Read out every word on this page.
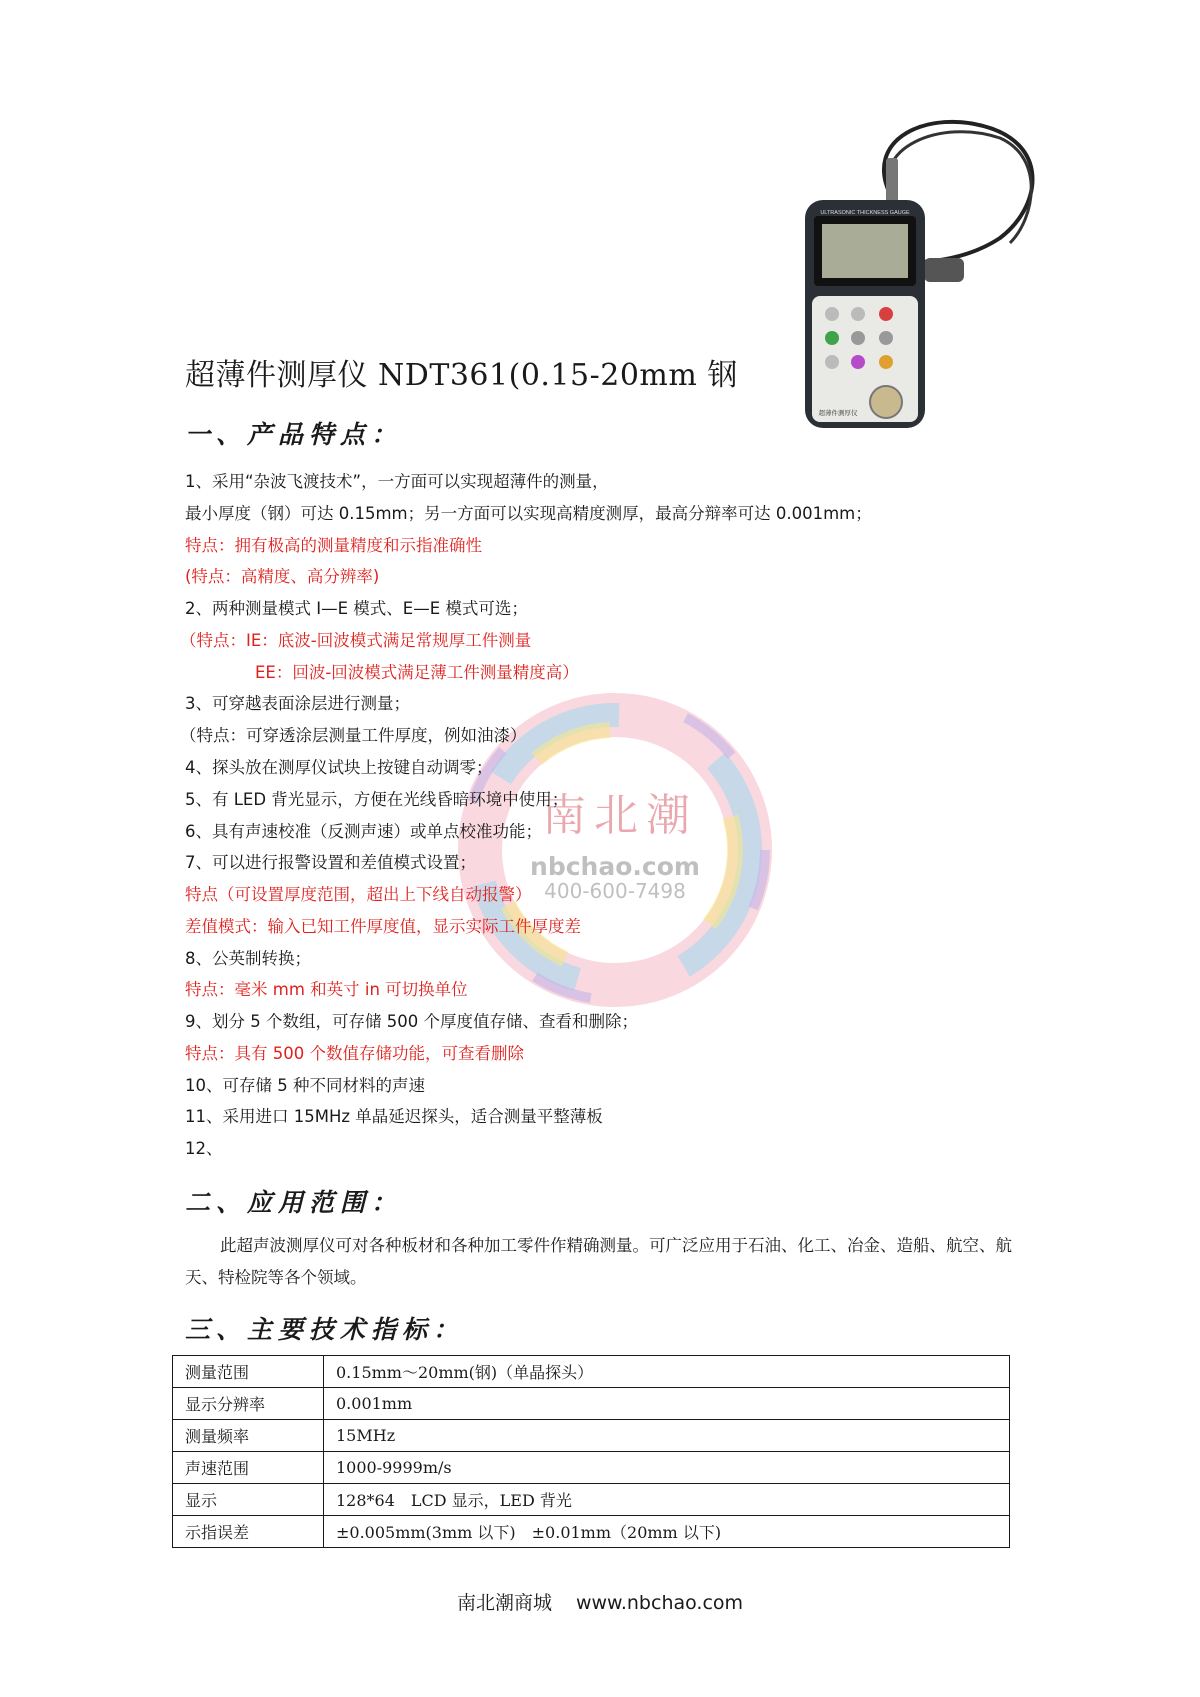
超薄件测厚仪 NDT361(0.15-20mm 钢
ULTRASONIC THICKNESS GAUGE
超薄件测厚仪
南北潮
nbchao.com
400-600-7498
一、产品特点：
1、采用“杂波飞渡技术”，一方面可以实现超薄件的测量，
最小厚度（钢）可达 0.15mm；另一方面可以实现高精度测厚，最高分辩率可达 0.001mm；
特点：拥有极高的测量精度和示指准确性
(特点：高精度、高分辨率)
2、两种测量模式 I—E 模式、E—E 模式可选；
（特点：IE：底波-回波模式满足常规厚工件测量
EE：回波-回波模式满足薄工件测量精度高）
3、可穿越表面涂层进行测量；
（特点：可穿透涂层测量工件厚度，例如油漆）
4、探头放在测厚仪试块上按键自动调零；
5、有 LED 背光显示，方便在光线昏暗环境中使用；
6、具有声速校准（反测声速）或单点校准功能；
7、可以进行报警设置和差值模式设置；
特点（可设置厚度范围，超出上下线自动报警）
差值模式：输入已知工件厚度值，显示实际工件厚度差
8、公英制转换；
特点：毫米 mm 和英寸 in 可切换单位
9、划分 5 个数组，可存储 500 个厚度值存储、查看和删除；
特点：具有 500 个数值存储功能，可查看删除
10、可存储 5 种不同材料的声速
11、采用进口 15MHz 单晶延迟探头，适合测量平整薄板
12、
二、应用范围：
此超声波测厚仪可对各种板材和各种加工零件作精确测量。可广泛应用于石油、化工、冶金、造船、航空、航天、特检院等各个领域。
三、主要技术指标：
测量范围	0.15mm～20mm(钢)（单晶探头）
显示分辨率	0.001mm
测量频率	15MHz
声速范围	1000-9999m/s
显示	128*64　LCD 显示，LED 背光
示指误差	±0.005mm(3mm 以下)　±0.01mm（20mm 以下)
南北潮商城 www.nbchao.com
